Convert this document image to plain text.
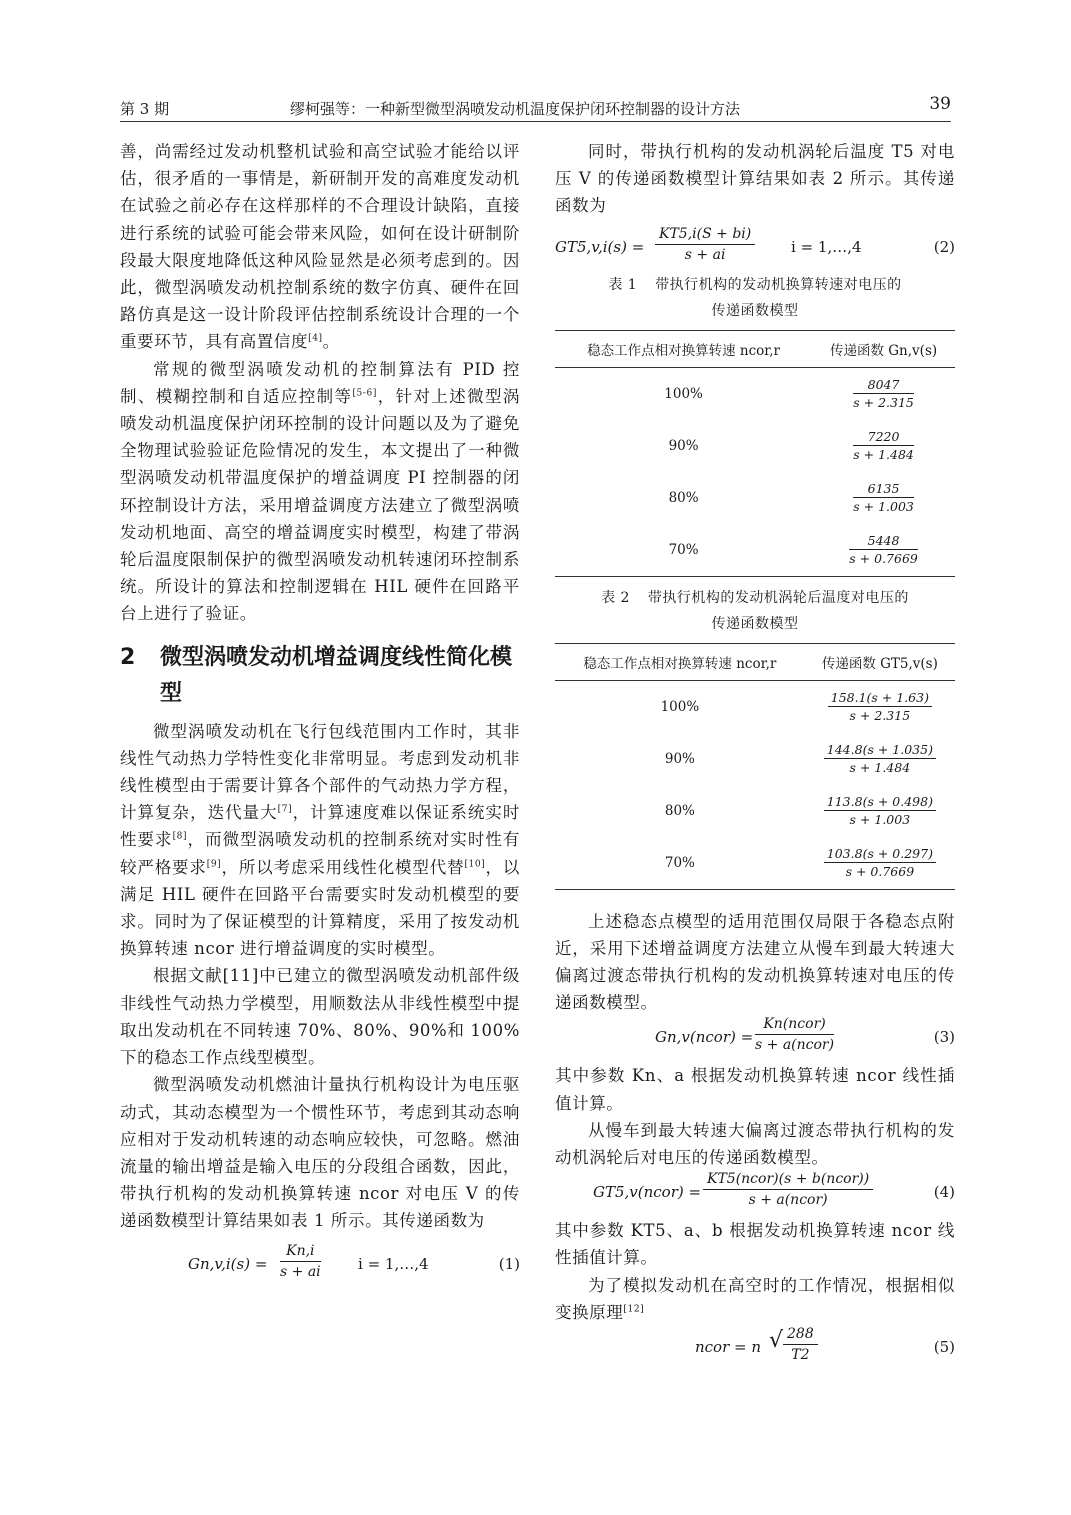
第 3 期	缪柯强等：一种新型微型涡喷发动机温度保护闭环控制器的设计方法	39

善，尚需经过发动机整机试验和高空试验才能给以评估，很矛盾的一事情是，新研制开发的高难度发动机在试验之前必存在这样那样的不合理设计缺陷，直接进行系统的试验可能会带来风险，如何在设计研制阶段最大限度地降低这种风险显然是必须考虑到的。因此，微型涡喷发动机控制系统的数字仿真、硬件在回路仿真是这一设计阶段评估控制系统设计合理的一个重要环节，具有高置信度[4]。

常规的微型涡喷发动机的控制算法有 PID 控制、模糊控制和自适应控制等[5-6]，针对上述微型涡喷发动机温度保护闭环控制的设计问题以及为了避免全物理试验验证危险情况的发生，本文提出了一种微型涡喷发动机带温度保护的增益调度 PI 控制器的闭环控制设计方法，采用增益调度方法建立了微型涡喷发动机地面、高空的增益调度实时模型，构建了带涡轮后温度限制保护的微型涡喷发动机转速闭环控制系统。所设计的算法和控制逻辑在 HIL 硬件在回路平台上进行了验证。

2 微型涡喷发动机增益调度线性简化模型

微型涡喷发动机在飞行包线范围内工作时，其非线性气动热力学特性变化非常明显。考虑到发动机非线性模型由于需要计算各个部件的气动热力学方程，计算复杂，迭代量大[7]，计算速度难以保证系统实时性要求[8]，而微型涡喷发动机的控制系统对实时性有较严格要求[9]，所以考虑采用线性化模型代替[10]，以满足 HIL 硬件在回路平台需要实时发动机模型的要求。同时为了保证模型的计算精度，采用了按发动机换算转速 ncor 进行增益调度的实时模型。

根据文献[11]中已建立的微型涡喷发动机部件级非线性气动热力学模型，用顺数法从非线性模型中提取出发动机在不同转速 70%、80%、90%和 100%下的稳态工作点线型模型。

微型涡喷发动机燃油计量执行机构设计为电压驱动式，其动态模型为一个惯性环节，考虑到其动态响应相对于发动机转速的动态响应较快，可忽略。燃油流量的输出增益是输入电压的分段组合函数，因此，带执行机构的发动机换算转速 ncor 对电压 V 的传递函数模型计算结果如表 1 所示。其传递函数为

$Gn,v,i(s) = \frac{Kn,i}{s + ai}$ i = 1,…,4	(1)

同时，带执行机构的发动机涡轮后温度 T5 对电压 V 的传递函数模型计算结果如表 2 所示。其传递函数为

$GT5,v,i(s) = \frac{KT5,i(S + bi)}{s + ai}$ i = 1,…,4	(2)
表 1 带执行机构的发动机换算转速对电压的
传递函数模型
稳态工作点相对换算转速 ncor,r	传递函数 Gn,v(s)
100%	$\frac{8047}{s + 2.315}$

90%	$\frac{7220}{s + 1.484}$

80%	$\frac{6135}{s + 1.003}$

70%	$\frac{5448}{s + 0.7669}$
表 2 带执行机构的发动机涡轮后温度对电压的
传递函数模型
稳态工作点相对换算转速 ncor,r	传递函数 GT5,v(s)
100%	$\frac{158.1(s + 1.63)}{s + 2.315}$

90%	$\frac{144.8(s + 1.035)}{s + 1.484}$

80%	$\frac{113.8(s + 0.498)}{s + 1.003}$

70%	$\frac{103.8(s + 0.297)}{s + 0.7669}$

上述稳态点模型的适用范围仅局限于各稳态点附近，采用下述增益调度方法建立从慢车到最大转速大偏离过渡态带执行机构的发动机换算转速对电压的传递函数模型。

Gn,v(ncor) =
Kn(ncor)
s + a(ncor)	(3)

其中参数 Kn、a 根据发动机换算转速 ncor 线性插值计算。

从慢车到最大转速大偏离过渡态带执行机构的发动机涡轮后对电压的传递函数模型。

GT5,v(ncor) =
KT5(ncor)(s + b(ncor))
s + a(ncor)	(4)

其中参数 KT5、a、b 根据发动机换算转速 ncor 线性插值计算。

为了模拟发动机在高空时的工作情况，根据相似变换原理[12]

ncor = n √ $\frac{288}{T2}$	(5)
